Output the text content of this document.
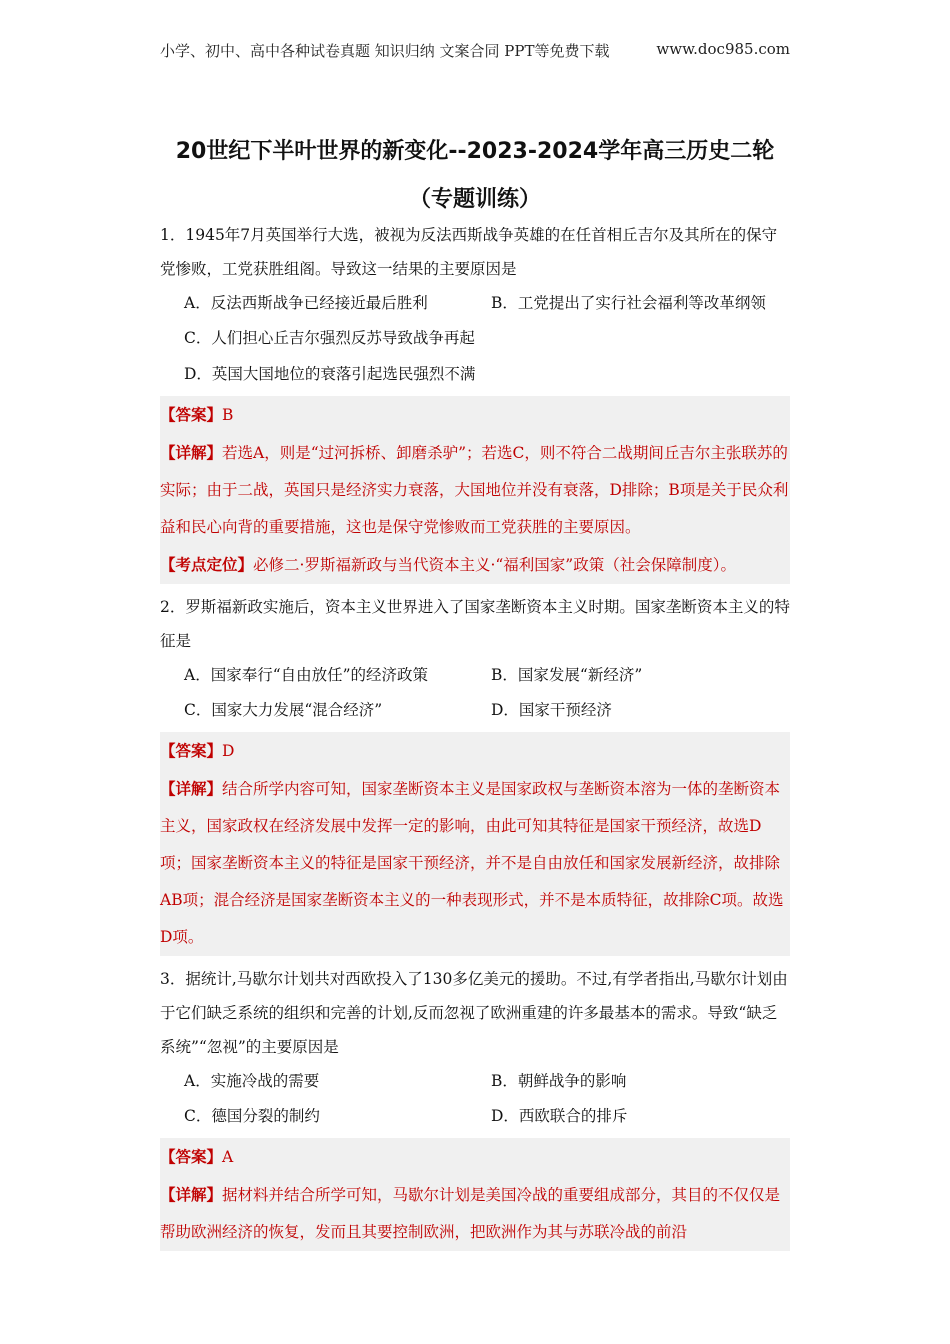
小学、初中、高中各种试卷真题 知识归纳 文案合同 PPT等免费下载	www.doc985.com
20世纪下半叶世界的新变化--2023-2024学年高三历史二轮
（专题训练）

1．1945年7月英国举行大选，被视为反法西斯战争英雄的在任首相丘吉尔及其所在的保守党惨败，工党获胜组阁。导致这一结果的主要原因是

A．反法西斯战争已经接近最后胜利	B．工党提出了实行社会福利等改革纲领
C．人们担心丘吉尔强烈反苏导致战争再起
D．英国大国地位的衰落引起选民强烈不满

【答案】B

【详解】若选A，则是“过河拆桥、卸磨杀驴”；若选C，则不符合二战期间丘吉尔主张联苏的实际；由于二战，英国只是经济实力衰落，大国地位并没有衰落，D排除；B项是关于民众利益和民心向背的重要措施，这也是保守党惨败而工党获胜的主要原因。

【考点定位】必修二·罗斯福新政与当代资本主义·“福利国家”政策（社会保障制度）。

2．罗斯福新政实施后，资本主义世界进入了国家垄断资本主义时期。国家垄断资本主义的特征是

A．国家奉行“自由放任”的经济政策	B．国家发展“新经济”
C．国家大力发展“混合经济”	D．国家干预经济

【答案】D

【详解】结合所学内容可知，国家垄断资本主义是国家政权与垄断资本溶为一体的垄断资本主义，国家政权在经济发展中发挥一定的影响，由此可知其特征是国家干预经济，故选D项；国家垄断资本主义的特征是国家干预经济，并不是自由放任和国家发展新经济，故排除AB项；混合经济是国家垄断资本主义的一种表现形式，并不是本质特征，故排除C项。故选D项。

3．据统计,马歇尔计划共对西欧投入了130多亿美元的援助。不过,有学者指出,马歇尔计划由于它们缺乏系统的组织和完善的计划,反而忽视了欧洲重建的许多最基本的需求。导致“缺乏系统”“忽视”的主要原因是

A．实施冷战的需要	B．朝鲜战争的影响
C．德国分裂的制约	D．西欧联合的排斥

【答案】A

【详解】据材料并结合所学可知，马歇尔计划是美国冷战的重要组成部分，其目的不仅仅是帮助欧洲经济的恢复，发而且其要控制欧洲，把欧洲作为其与苏联冷战的前沿
